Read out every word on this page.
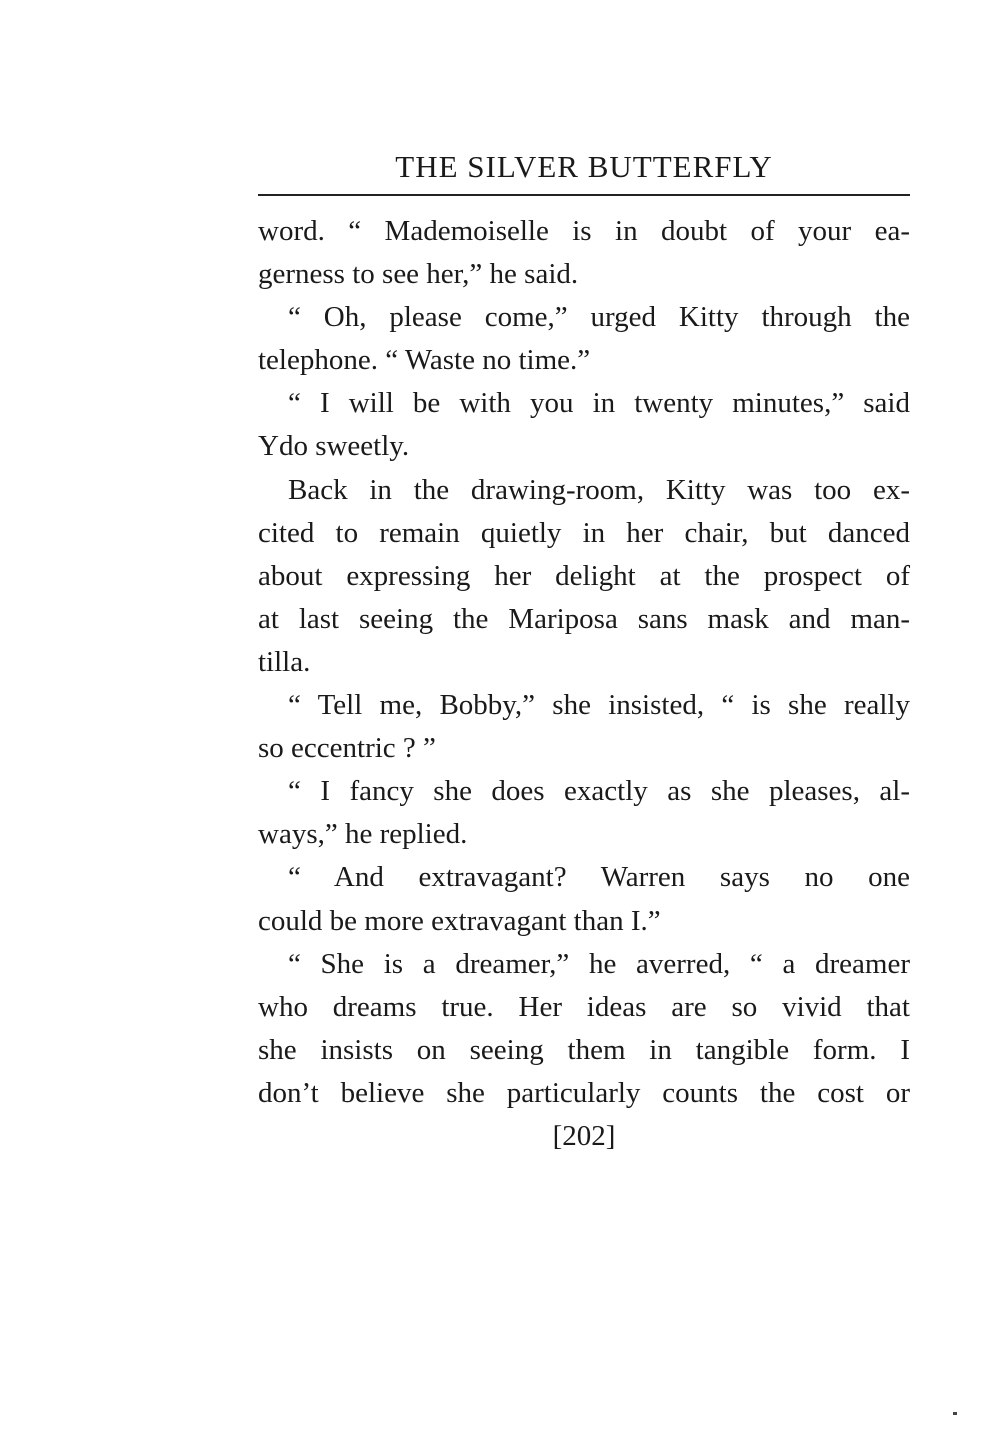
THE SILVER BUTTERFLY
word. “ Mademoiselle is in doubt of your ea-
gerness to see her,” he said.
“ Oh, please come,” urged Kitty through the
telephone. “ Waste no time.”
“ I will be with you in twenty minutes,” said
Ydo sweetly.
Back in the drawing-room, Kitty was too ex-
cited to remain quietly in her chair, but danced
about expressing her delight at the prospect of
at last seeing the Mariposa sans mask and man-
tilla.
“ Tell me, Bobby,” she insisted, “ is she really
so eccentric ? ”
“ I fancy she does exactly as she pleases, al-
ways,” he replied.
“ And extravagant? Warren says no one
could be more extravagant than I.”
“ She is a dreamer,” he averred, “ a dreamer
who dreams true. Her ideas are so vivid that
she insists on seeing them in tangible form. I
don’t believe she particularly counts the cost or
[202]
